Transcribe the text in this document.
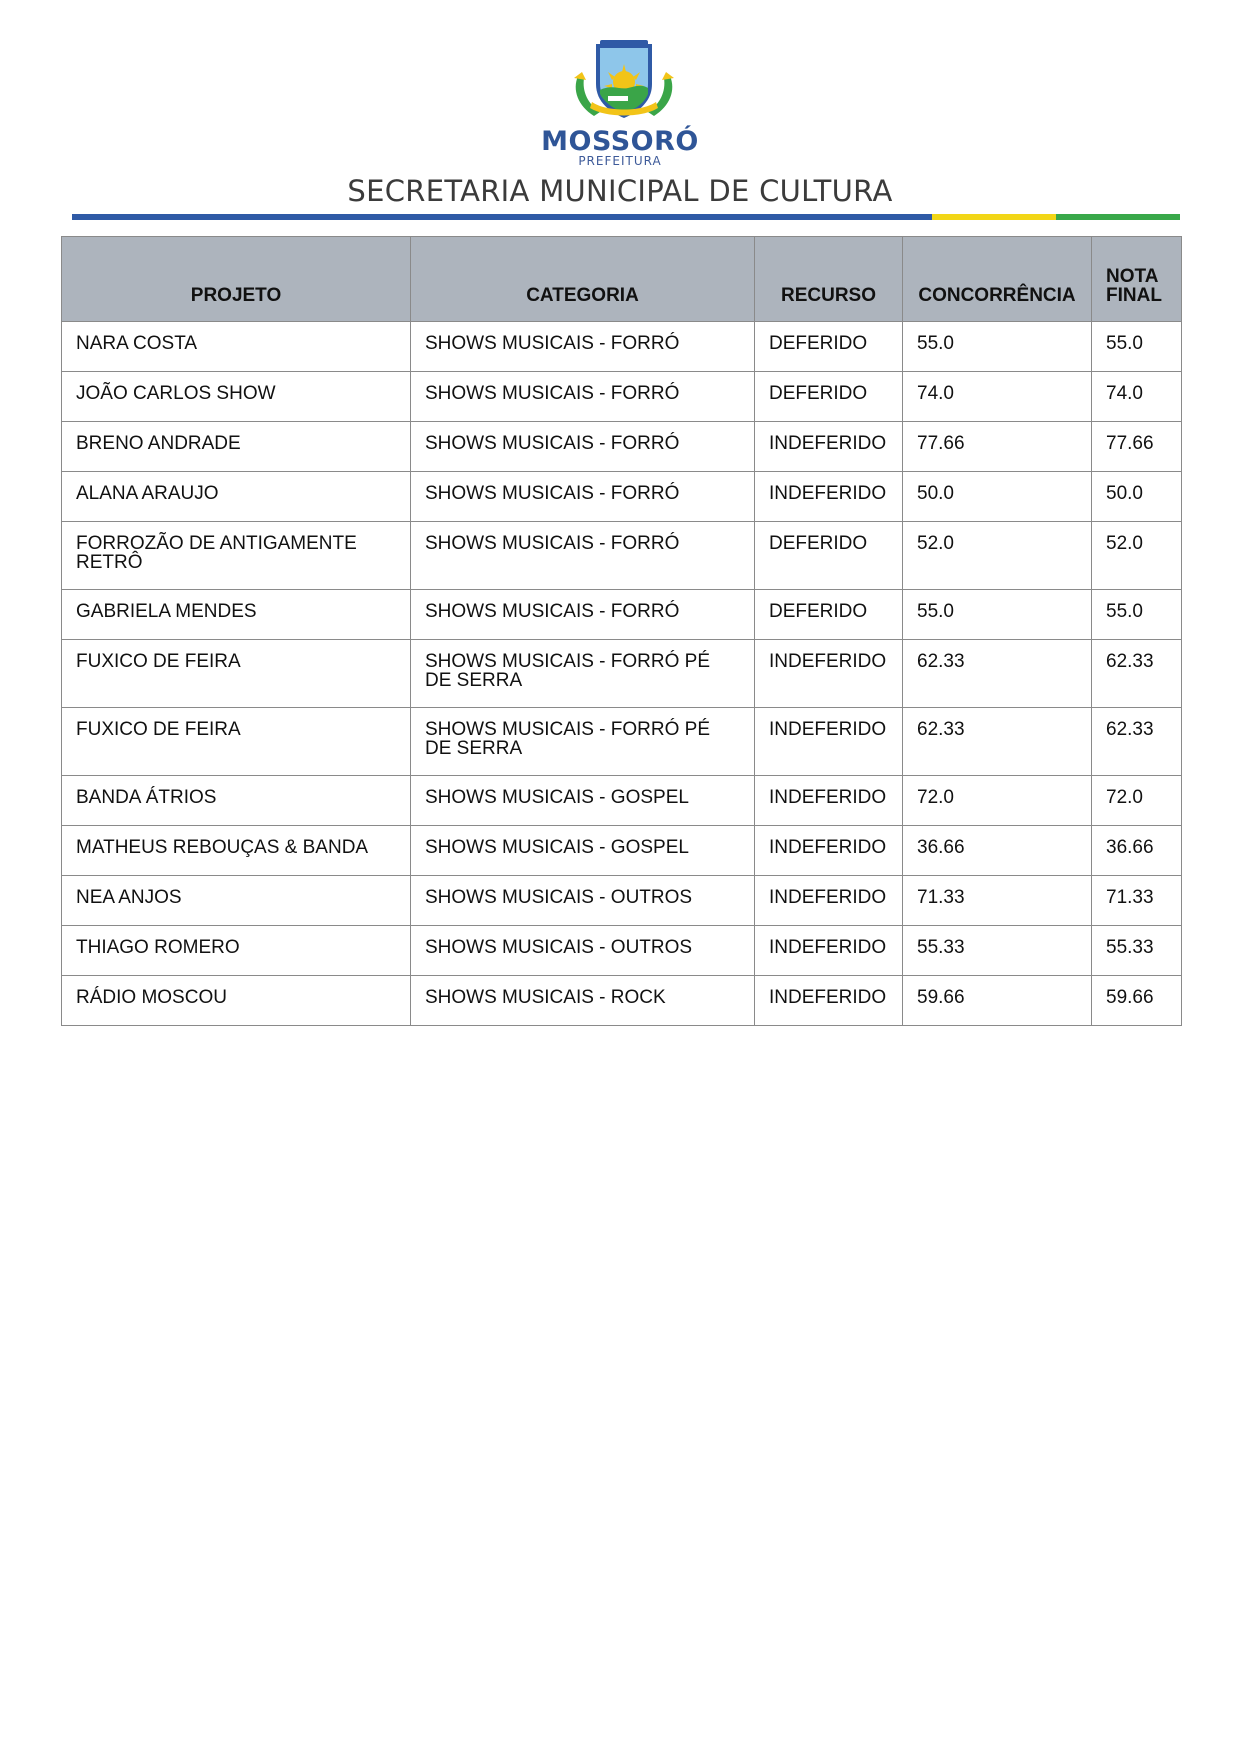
MOSSORÓ
PREFEITURA
SECRETARIA MUNICIPAL DE CULTURA
PROJETO	CATEGORIA	RECURSO	CONCORRÊNCIA	NOTA FINAL
NARA COSTA	SHOWS MUSICAIS - FORRÓ	DEFERIDO	55.0	55.0
JOÃO CARLOS SHOW	SHOWS MUSICAIS - FORRÓ	DEFERIDO	74.0	74.0
BRENO ANDRADE	SHOWS MUSICAIS - FORRÓ	INDEFERIDO	77.66	77.66
ALANA ARAUJO	SHOWS MUSICAIS - FORRÓ	INDEFERIDO	50.0	50.0
FORROZÃO DE ANTIGAMENTE RETRÔ	SHOWS MUSICAIS - FORRÓ	DEFERIDO	52.0	52.0
GABRIELA MENDES	SHOWS MUSICAIS - FORRÓ	DEFERIDO	55.0	55.0
FUXICO DE FEIRA	SHOWS MUSICAIS - FORRÓ PÉ DE SERRA	INDEFERIDO	62.33	62.33
FUXICO DE FEIRA	SHOWS MUSICAIS - FORRÓ PÉ DE SERRA	INDEFERIDO	62.33	62.33
BANDA ÁTRIOS	SHOWS MUSICAIS - GOSPEL	INDEFERIDO	72.0	72.0
MATHEUS REBOUÇAS & BANDA	SHOWS MUSICAIS - GOSPEL	INDEFERIDO	36.66	36.66
NEA ANJOS	SHOWS MUSICAIS - OUTROS	INDEFERIDO	71.33	71.33
THIAGO ROMERO	SHOWS MUSICAIS - OUTROS	INDEFERIDO	55.33	55.33
RÁDIO MOSCOU	SHOWS MUSICAIS - ROCK	INDEFERIDO	59.66	59.66
